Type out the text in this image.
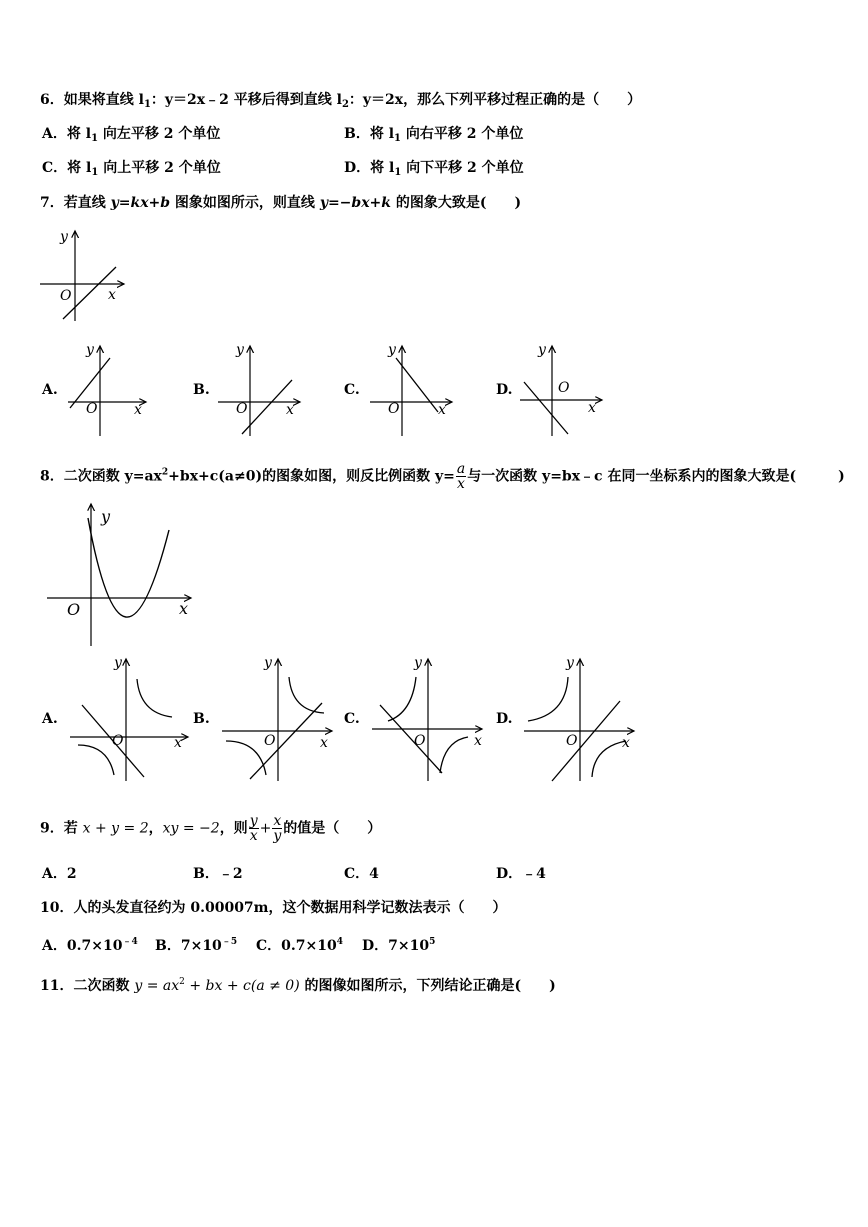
6．如果将直线 $l_1$：y＝2x﹣2 平移后得到直线 $l_2$：y＝2x，那么下列平移过程正确的是（　　）
A．将 $l_1$ 向左平移 2 个单位	B．将 $l_1$ 向右平移 2 个单位
C．将 $l_1$ 向上平移 2 个单位	D．将 $l_1$ 向下平移 2 个单位
7．若直线 y=kx+b 图象如图所示，则直线 y=−bx+k 的图象大致是(　　)
y
x
O
A.
y
x
O
B.
y
x
O
C.
y
x
O
D.
y
x
O
8．二次函数 $y=ax^2+bx+c(a\ne 0)$的图象如图，则反比例函数 $y= \frac{a}{x}$ 与一次函数 y=bx﹣c 在同一坐标系内的图象大致是(　　　)
y
x
O
A.
y
x
O
B.
y
x
O
C.
y
x
O
D.
y
x
O
9．若 x + y = 2，xy = −2，则 $\frac{y}{x} + \frac{x}{y}$ 的值是（　　）
A．2	B．﹣2	C．4	D．﹣4
10．人的头发直径约为 0.00007m，这个数据用科学记数法表示（　　）
A．$0.7\times 10^{﹣4}$ B．$7\times 10^{﹣5}$ C．$0.7\times 10^4$ D．$7\times 10^5$
11．二次函数 $y = ax^2$ + bx + c(a ≠ 0) 的图像如图所示，下列结论正确是(　　)
